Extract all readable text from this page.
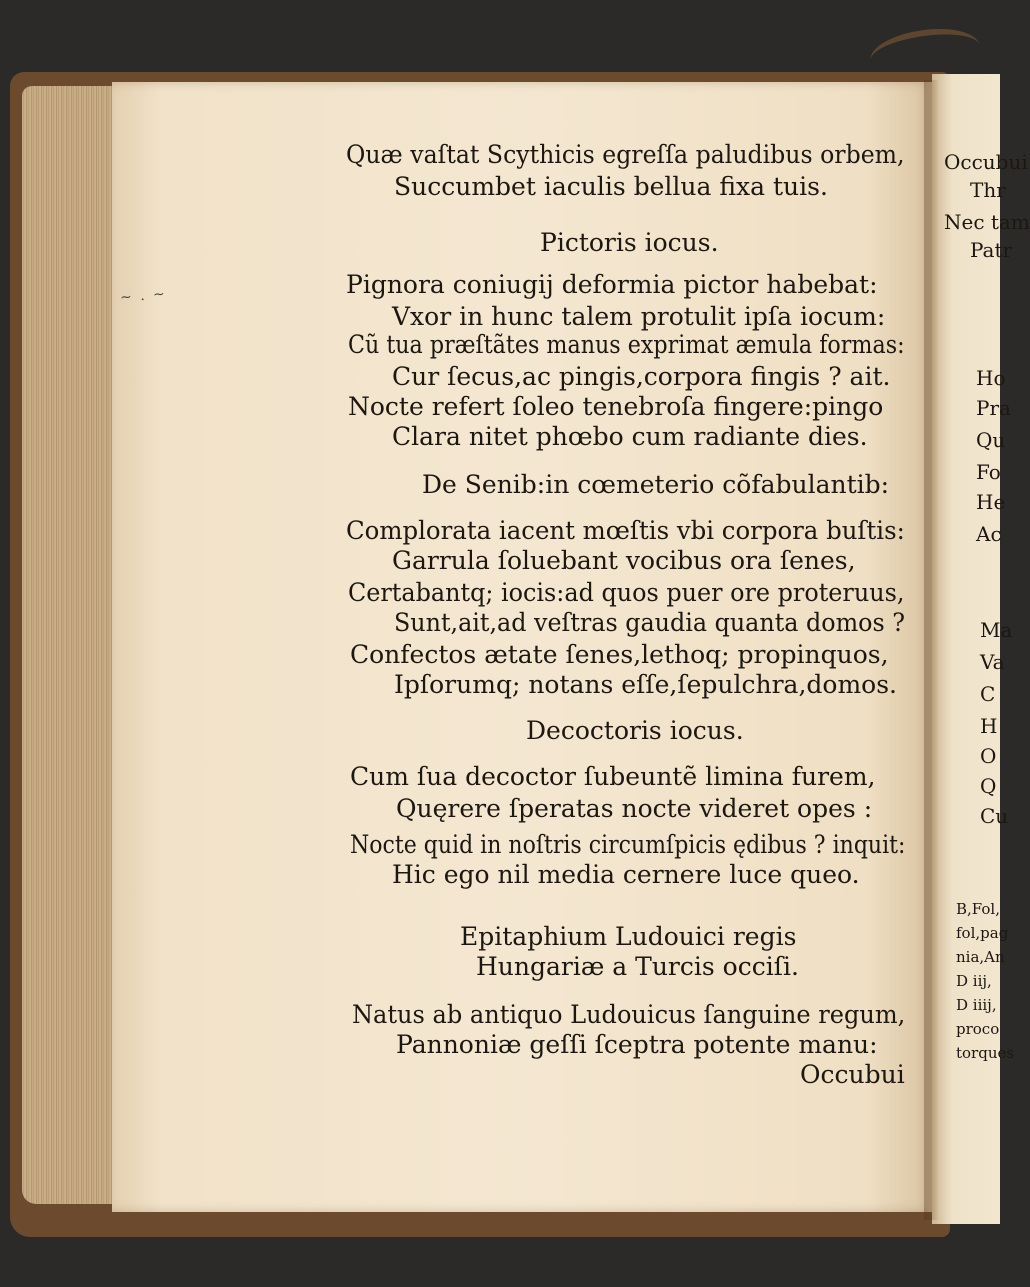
Occubui
Thr
Nec tam
Patr
Ho
Pra
Qu
Fo
He
Ac
Ma
Va
C
H
O
Q
Cu
B,Fol,
fol,pag
nia,An
D iij,
D iiij,
proco
torques
~ . ~
Quæ vaſtat Scythicis egreſſa paludibus orbem,
Succumbet iaculis bellua fixa tuis.
Pictoris iocus.
Pignora coniugij deformia pictor habebat:
Vxor in hunc talem protulit ipſa iocum:
Cũ tua præſtãtes manus exprimat æmula formas:
Cur ſecus,ac pingis,corpora fingis ? ait.
Nocte refert ſoleo tenebroſa fingere:pingo
Clara nitet phœbo cum radiante dies.
De Senib:in cœmeterio cõfabulantib:
Complorata iacent mœſtis vbi corpora buſtis:
Garrula ſoluebant vocibus ora ſenes,
Certabantq; iocis:ad quos puer ore proteruus,
Sunt,ait,ad veſtras gaudia quanta domos ?
Confectos ætate ſenes,lethoq; propinquos,
Ipſorumq; notans eſſe,ſepulchra,domos.
Decoctoris iocus.
Cum ſua decoctor ſubeuntẽ limina furem,
Quęrere ſperatas nocte videret opes :
Nocte quid in noſtris circumſpicis ędibus ? inquit:
Hic ego nil media cernere luce queo.
Epitaphium Ludouici regis
Hungariæ a Turcis occiſi.
Natus ab antiquo Ludouicus ſanguine regum,
Pannoniæ geſſi ſceptra potente manu:
Occubui
